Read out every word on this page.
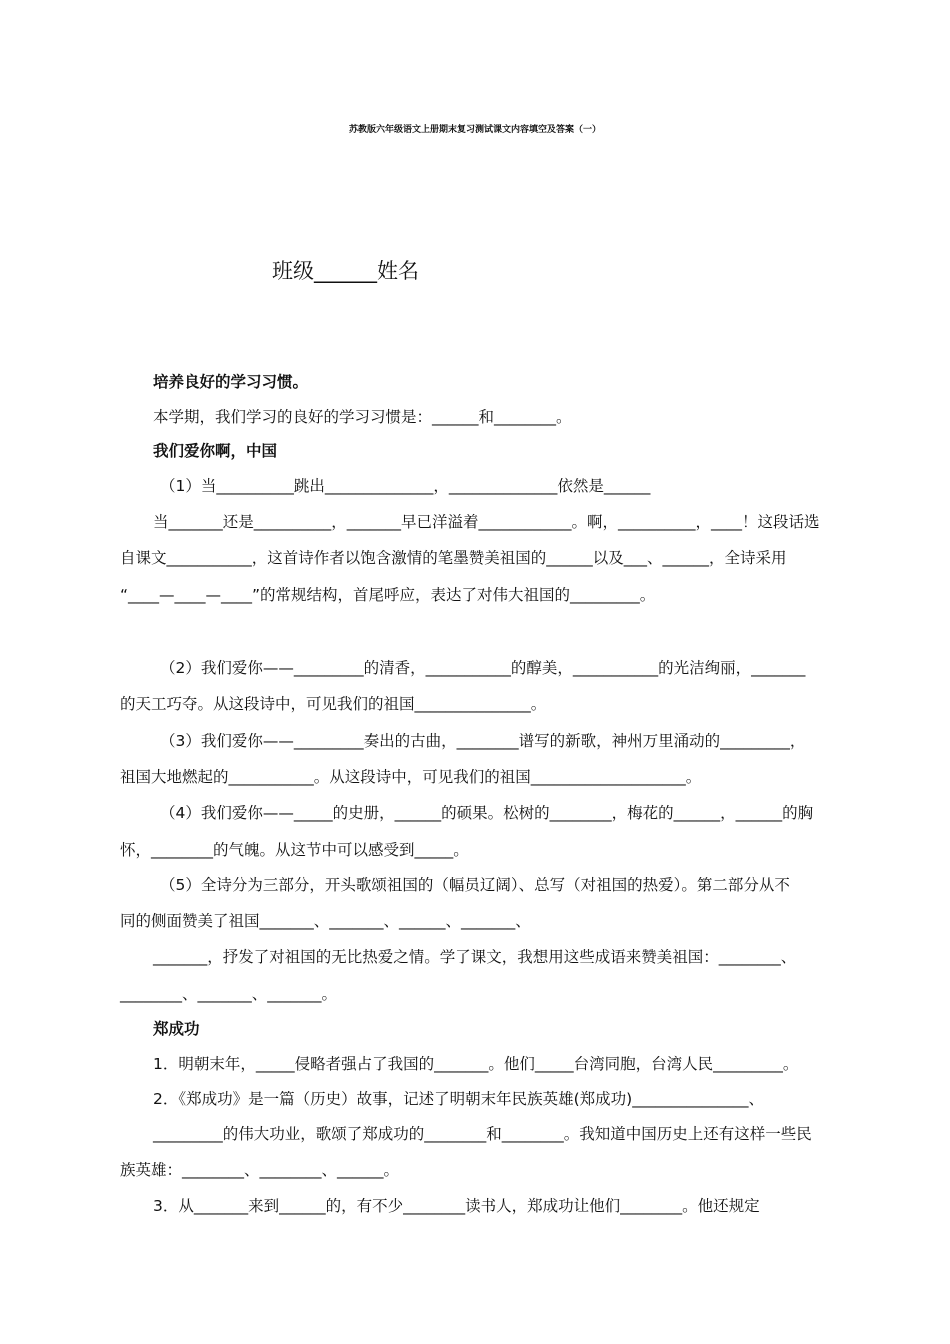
苏教版六年级语文上册期末复习测试课文内容填空及答案（一）
班级______姓名
培养良好的学习习惯。
本学期，我们学习的良好的学习习惯是：______和________。
我们爱你啊，中国
（1）当__________跳出______________，______________依然是______
当_______还是__________，_______早已洋溢着____________。啊，__________，____！这段话选
自课文___________，这首诗作者以饱含激情的笔墨赞美祖国的______以及___、______，全诗采用
“____—____—____”的常规结构，首尾呼应，表达了对伟大祖国的_________。
（2）我们爱你——_________的清香，___________的醇美，___________的光洁绚丽，_______
的天工巧夺。从这段诗中，可见我们的祖国_______________。
（3）我们爱你——_________奏出的古曲，________谱写的新歌，神州万里涌动的_________，
祖国大地燃起的___________。从这段诗中，可见我们的祖国____________________。
（4）我们爱你——_____的史册，______的硕果。松树的________，梅花的______，______的胸
怀，________的气魄。从这节中可以感受到_____。
（5）全诗分为三部分，开头歌颂祖国的（幅员辽阔）、总写（对祖国的热爱）。第二部分从不
同的侧面赞美了祖国_______、_______、______、_______、
_______，抒发了对祖国的无比热爱之情。学了课文，我想用这些成语来赞美祖国：________、
________、_______、_______。
郑成功
1．明朝末年，_____侵略者强占了我国的_______。他们_____台湾同胞，台湾人民_________。
2．《郑成功》是一篇（历史）故事，记述了明朝末年民族英雄(郑成功)_______________、
_________的伟大功业，歌颂了郑成功的________和________。我知道中国历史上还有这样一些民
族英雄：________、________、______。
3．从_______来到______的，有不少________读书人，郑成功让他们________。他还规定
